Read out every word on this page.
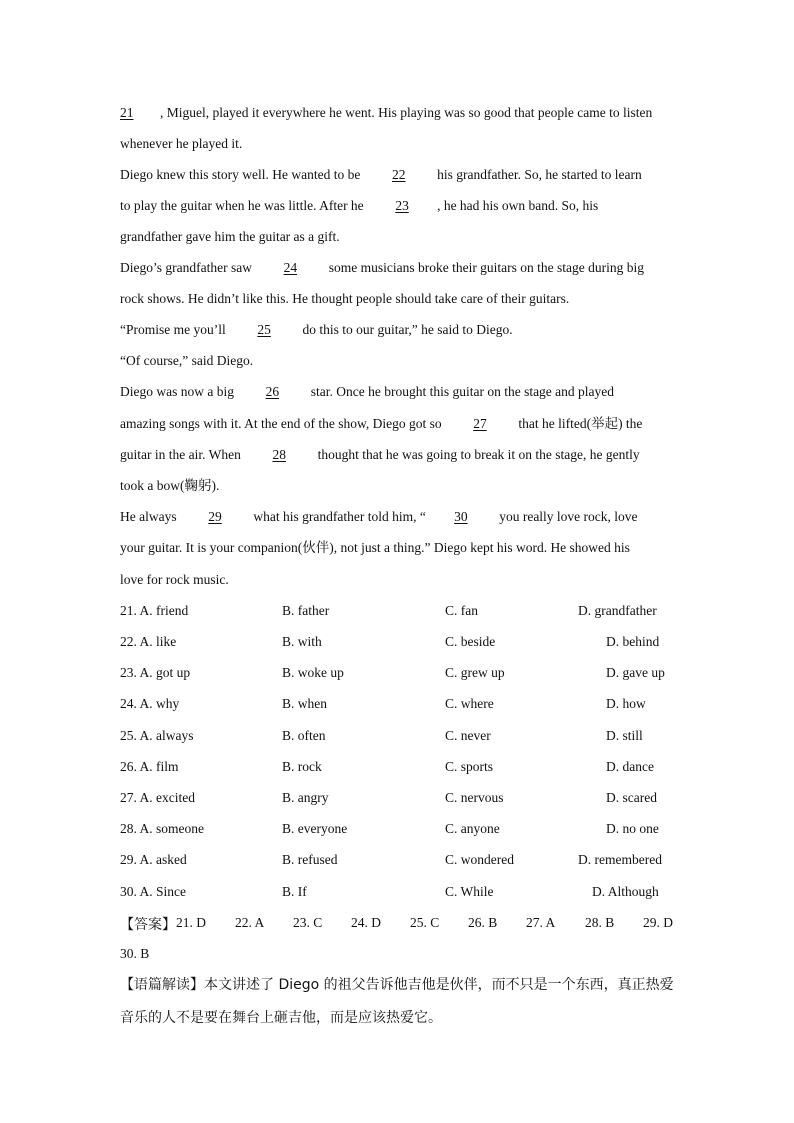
21 , Miguel, played it everywhere he went. His playing was so good that people came to listen
whenever he played it.
Diego knew this story well. He wanted to be 22 his grandfather. So, he started to learn
to play the guitar when he was little. After he 23 , he had his own band. So, his
grandfather gave him the guitar as a gift.
Diego’s grandfather saw 24 some musicians broke their guitars on the stage during big
rock shows. He didn’t like this. He thought people should take care of their guitars.
“Promise me you’ll 25 do this to our guitar,” he said to Diego.
“Of course,” said Diego.
Diego was now a big 26 star. Once he brought this guitar on the stage and played
amazing songs with it. At the end of the show, Diego got so 27 that he lifted(举起) the
guitar in the air. When 28 thought that he was going to break it on the stage, he gently
took a bow(鞠躬).
He always 29 what his grandfather told him, “ 30 you really love rock, love
your guitar. It is your companion(伙伴), not just a thing.” Diego kept his word. He showed his
love for rock music.
21. A. friend	B. father	C. fan	D. grandfather
22. A. like	B. with	C. beside	D. behind
23. A. got up	B. woke up	C. grew up	D. gave up
24. A. why	B. when	C. where	D. how
25. A. always	B. often	C. never	D. still
26. A. film	B. rock	C. sports	D. dance
27. A. excited	B. angry	C. nervous	D. scared
28. A. someone	B. everyone	C. anyone	D. no one
29. A. asked	B. refused	C. wondered	D. remembered
30. A. Since	B. If	C. While	D. Although
【答案】 21. D 22. A 23. C 24. D 25. C 26. B 27. A 28. B 29. D
30. B
【语篇解读】本文讲述了 Diego 的祖父告诉他吉他是伙伴，而不只是一个东西，真正热爱
音乐的人不是要在舞台上砸吉他，而是应该热爱它。
